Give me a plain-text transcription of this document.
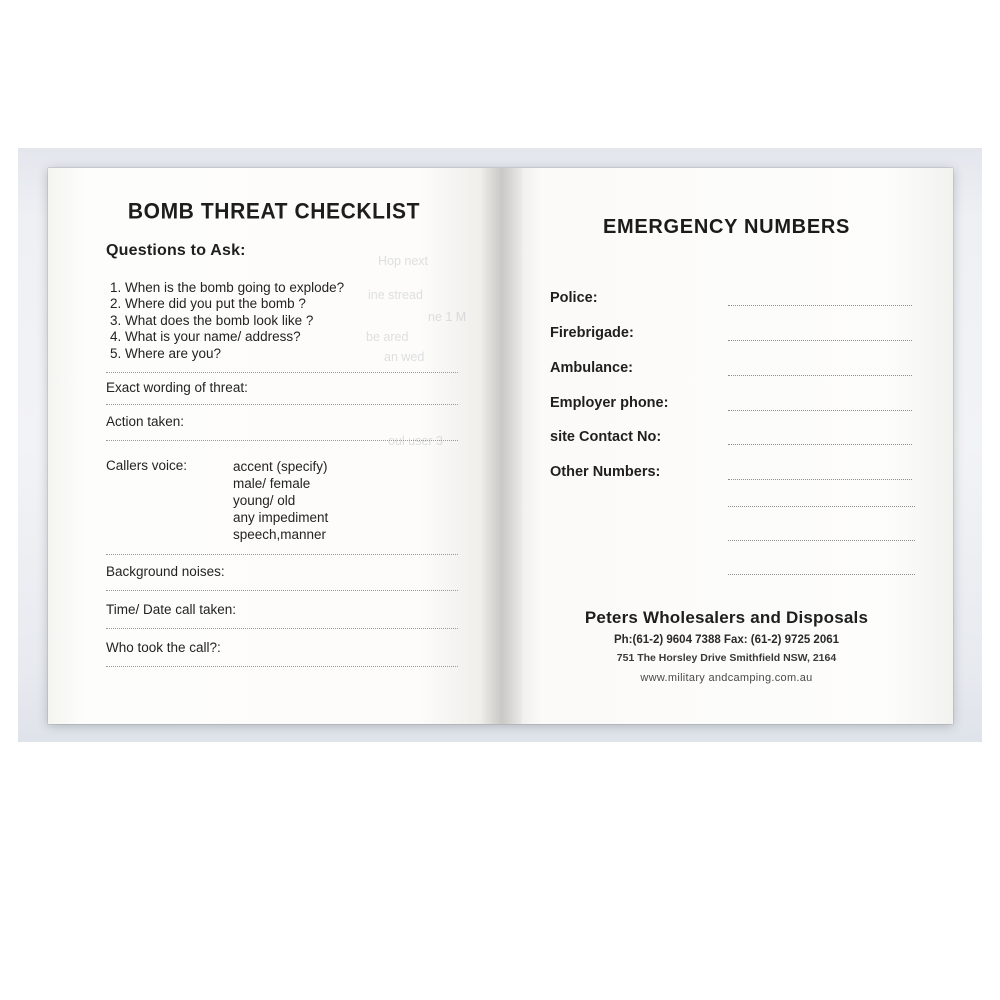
Hop next
ine stread
ne 1 M
be ared
an wed
oul user 3
BOMB THREAT CHECKLIST
Questions to Ask:
1. When is the bomb going to explode?
2. Where did you put the bomb ?
3. What does the bomb look like ?
4. What is your name/ address?
5. Where are you?
Exact wording of threat:
Action taken:
Callers voice:	accent (specify)
male/ female
young/ old
any impediment
speech,manner
Background noises:
Time/ Date call taken:
Who took the call?:
EMERGENCY NUMBERS
Police:
Firebrigade:
Ambulance:
Employer phone:
site Contact No:
Other Numbers:
Peters Wholesalers and Disposals
Ph:(61-2) 9604 7388 Fax: (61-2) 9725 2061
751 The Horsley Drive Smithfield NSW, 2164
www.military andcamping.com.au
